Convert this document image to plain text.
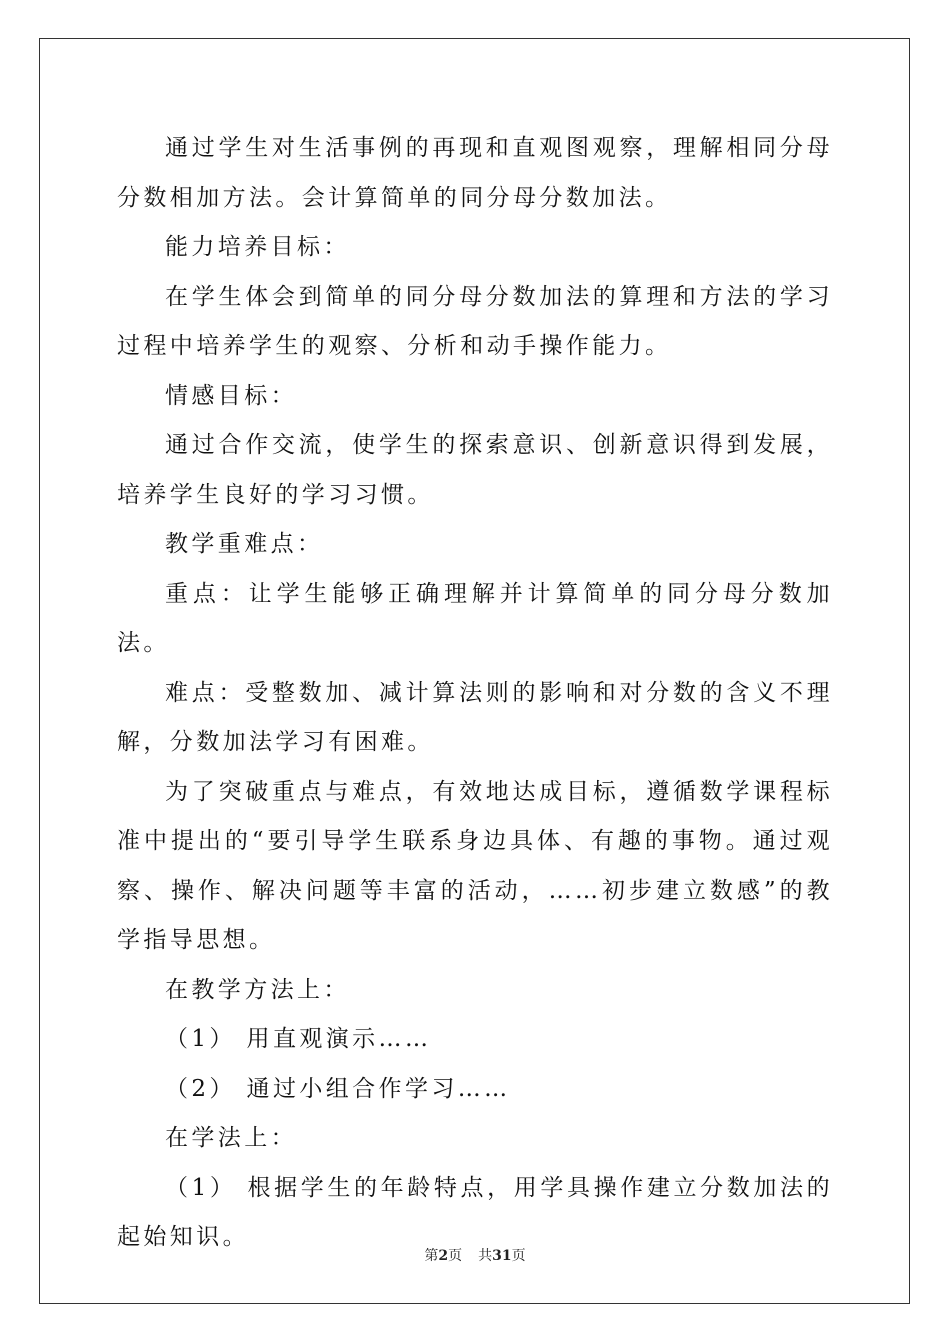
通过学生对生活事例的再现和直观图观察，理解相同分母分数相加方法。会计算简单的同分母分数加法。

能力培养目标：

在学生体会到简单的同分母分数加法的算理和方法的学习过程中培养学生的观察、分析和动手操作能力。

情感目标：

通过合作交流，使学生的探索意识、创新意识得到发展，培养学生良好的学习习惯。

教学重难点：

重点：让学生能够正确理解并计算简单的同分母分数加法。

难点：受整数加、减计算法则的影响和对分数的含义不理解，分数加法学习有困难。

为了突破重点与难点，有效地达成目标，遵循数学课程标准中提出的“要引导学生联系身边具体、有趣的事物。通过观察、操作、解决问题等丰富的活动，……初步建立数感”的教学指导思想。

在教学方法上：

（1） 用直观演示……

（2） 通过小组合作学习……

在学法上：

（1） 根据学生的年龄特点，用学具操作建立分数加法的起始知识。

第2页 共31页
